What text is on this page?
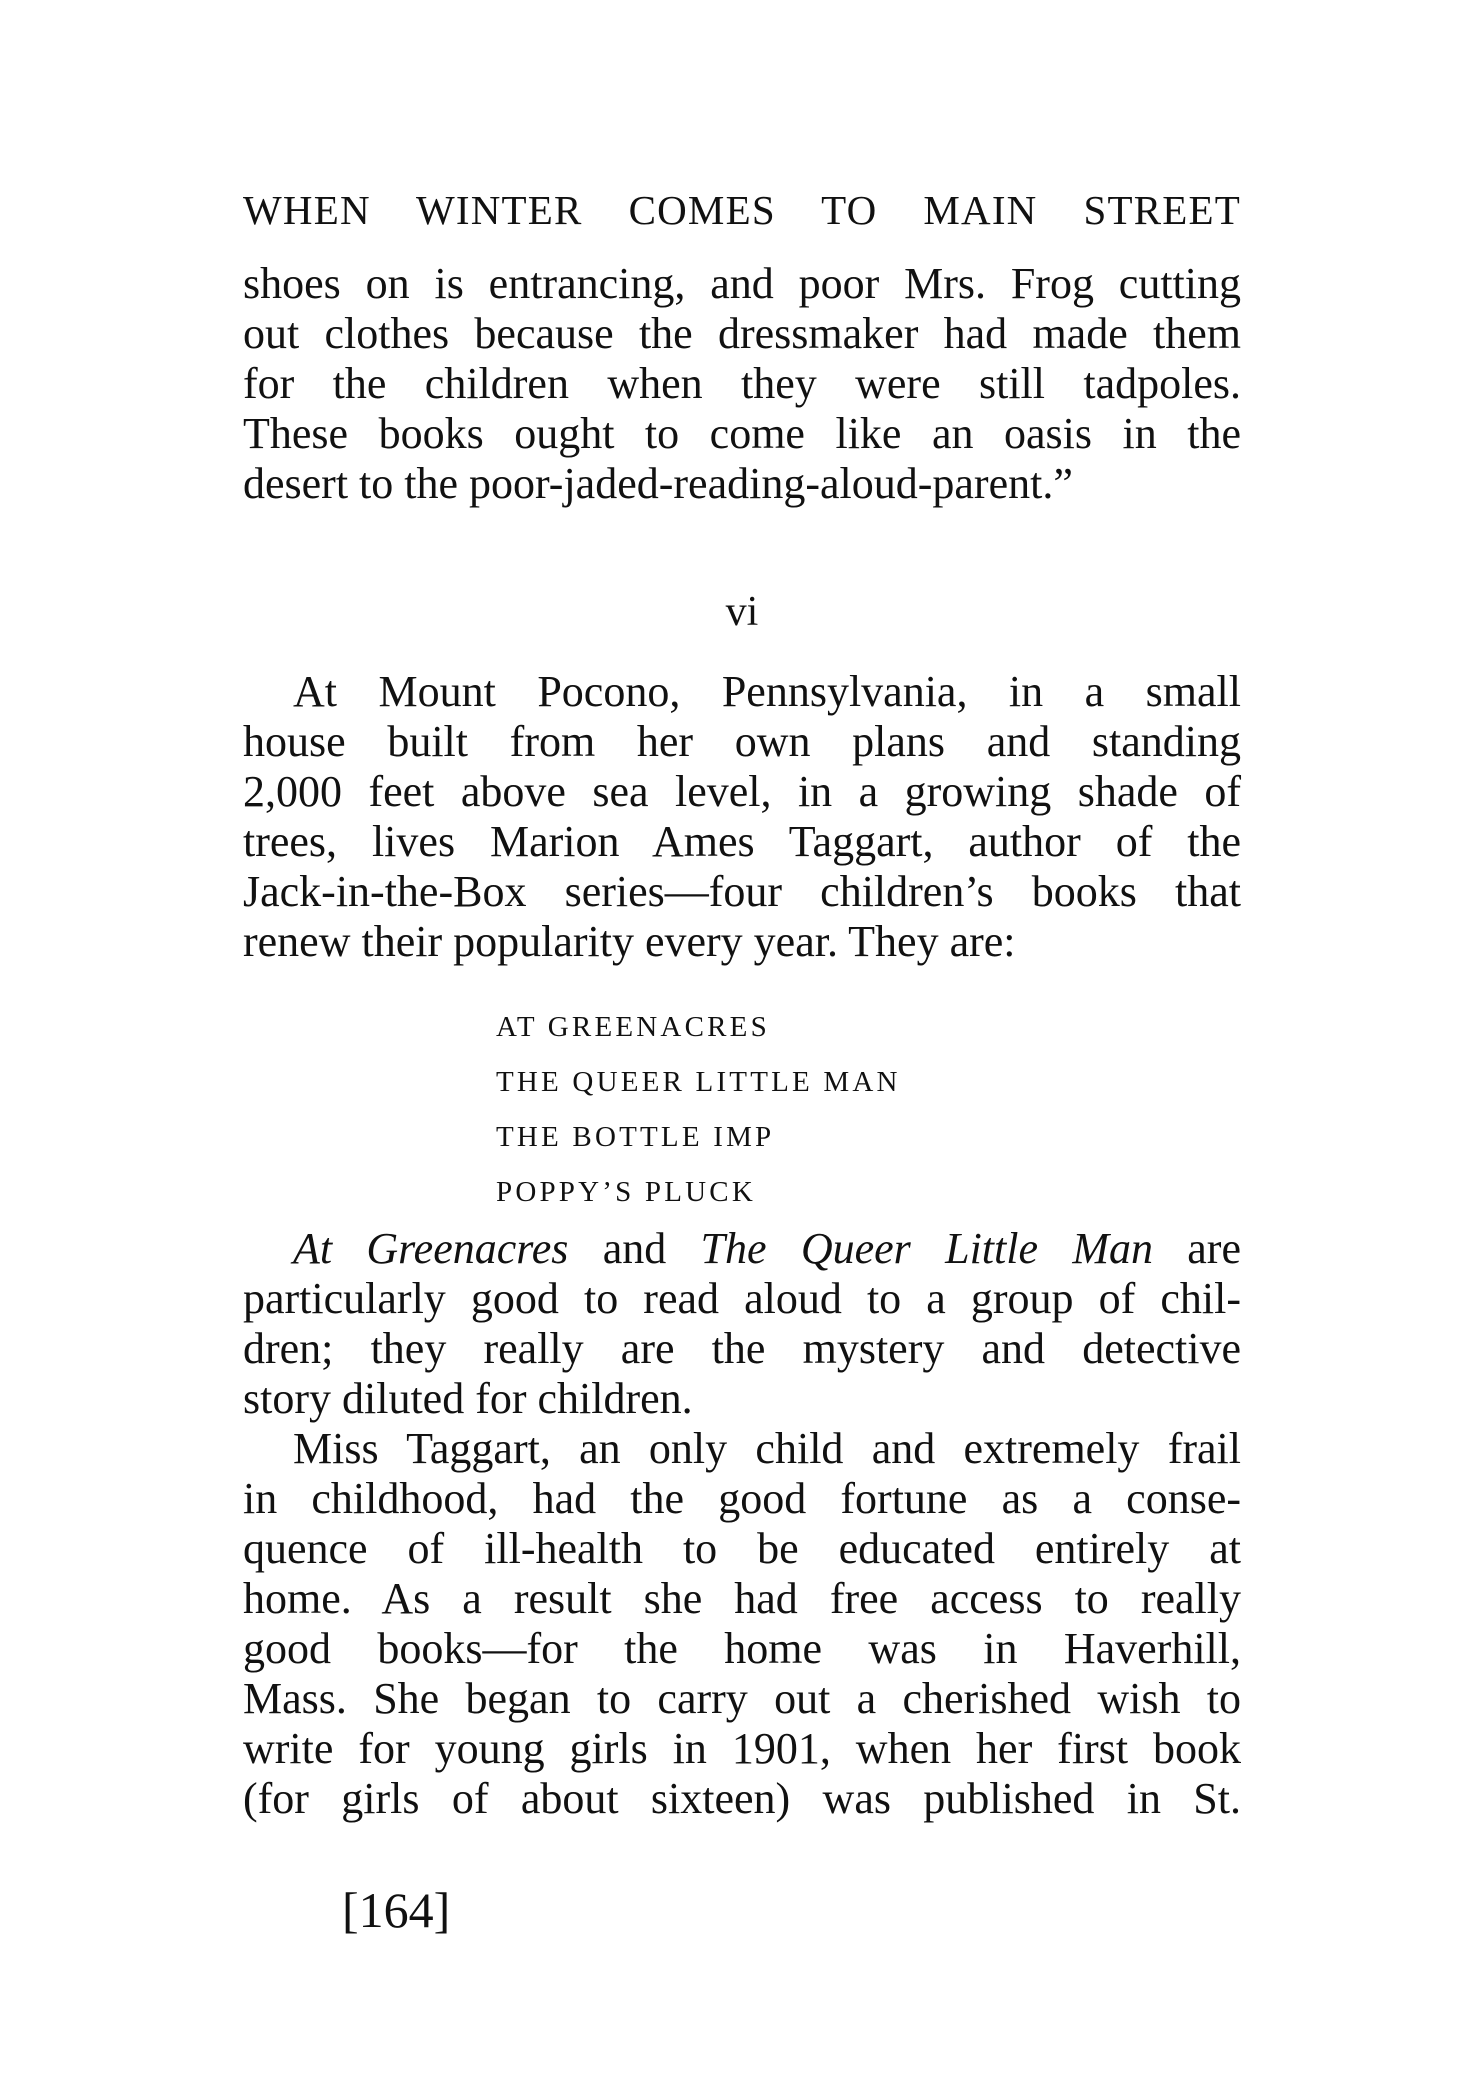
WHEN WINTER COMES TO MAIN STREET
shoes on is entrancing, and poor Mrs. Frog cutting
out clothes because the dressmaker had made them
for the children when they were still tadpoles.
These books ought to come like an oasis in the
desert to the poor-jaded-reading-aloud-parent.”
vi
At Mount Pocono, Pennsylvania, in a small
house built from her own plans and standing
2,000 feet above sea level, in a growing shade of
trees, lives Marion Ames Taggart, author of the
Jack-in-the-Box series—four children’s books that
renew their popularity every year. They are:
AT GREENACRES
THE QUEER LITTLE MAN
THE BOTTLE IMP
POPPY’S PLUCK
At Greenacres and The Queer Little Man are
particularly good to read aloud to a group of chil-
dren; they really are the mystery and detective
story diluted for children.
Miss Taggart, an only child and extremely frail
in childhood, had the good fortune as a conse-
quence of ill-health to be educated entirely at
home. As a result she had free access to really
good books—for the home was in Haverhill,
Mass. She began to carry out a cherished wish to
write for young girls in 1901, when her first book
(for girls of about sixteen) was published in St.
[164]
